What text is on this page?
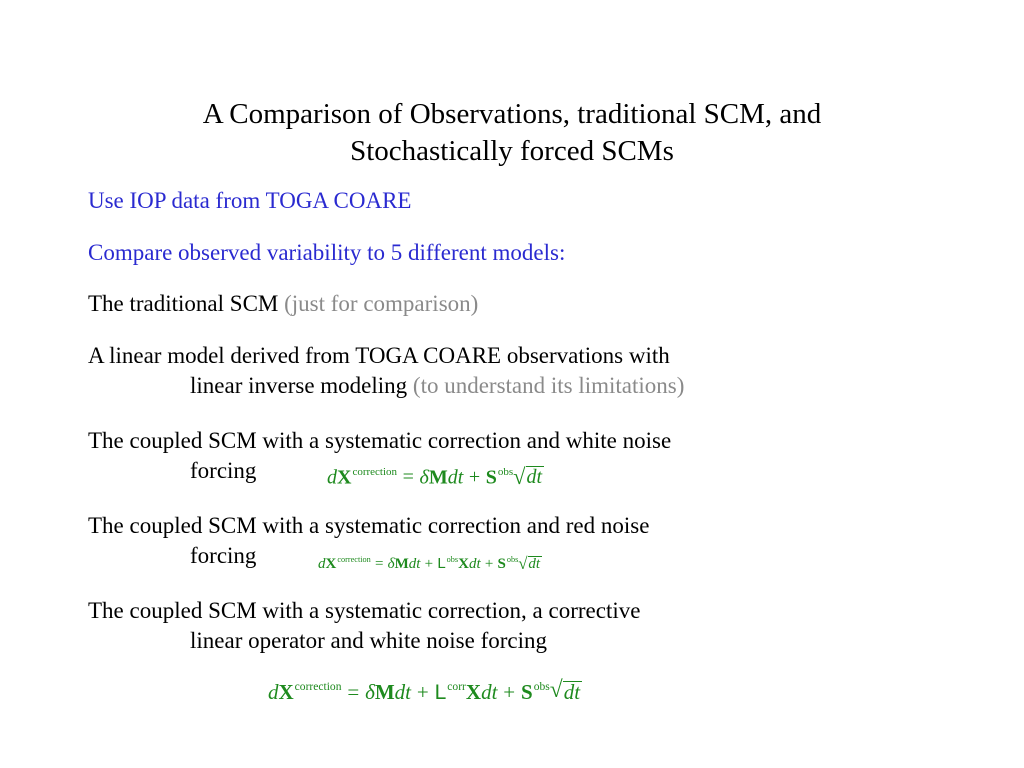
A Comparison of Observations, traditional SCM, and
Stochastically forced SCMs
Use IOP data from TOGA COARE
Compare observed variability to 5 different models:
The traditional SCM (just for comparison)
A linear model derived from TOGA COARE observations with
linear inverse modeling (to understand its limitations)
The coupled SCM with a systematic correction and white noise
forcing	$dX^{correction} = \delta Mdt + S^{obs}$ √ dt
The coupled SCM with a systematic correction and red noise
forcing	$dX^{correction} = \delta Mdt + L^{obs}Xdt + S^{obs}$ √ dt
The coupled SCM with a systematic correction, a corrective
linear operator and white noise forcing
$dX^{correction} = \delta Mdt + L^{corr}Xdt + S^{obs}$ √ dt
